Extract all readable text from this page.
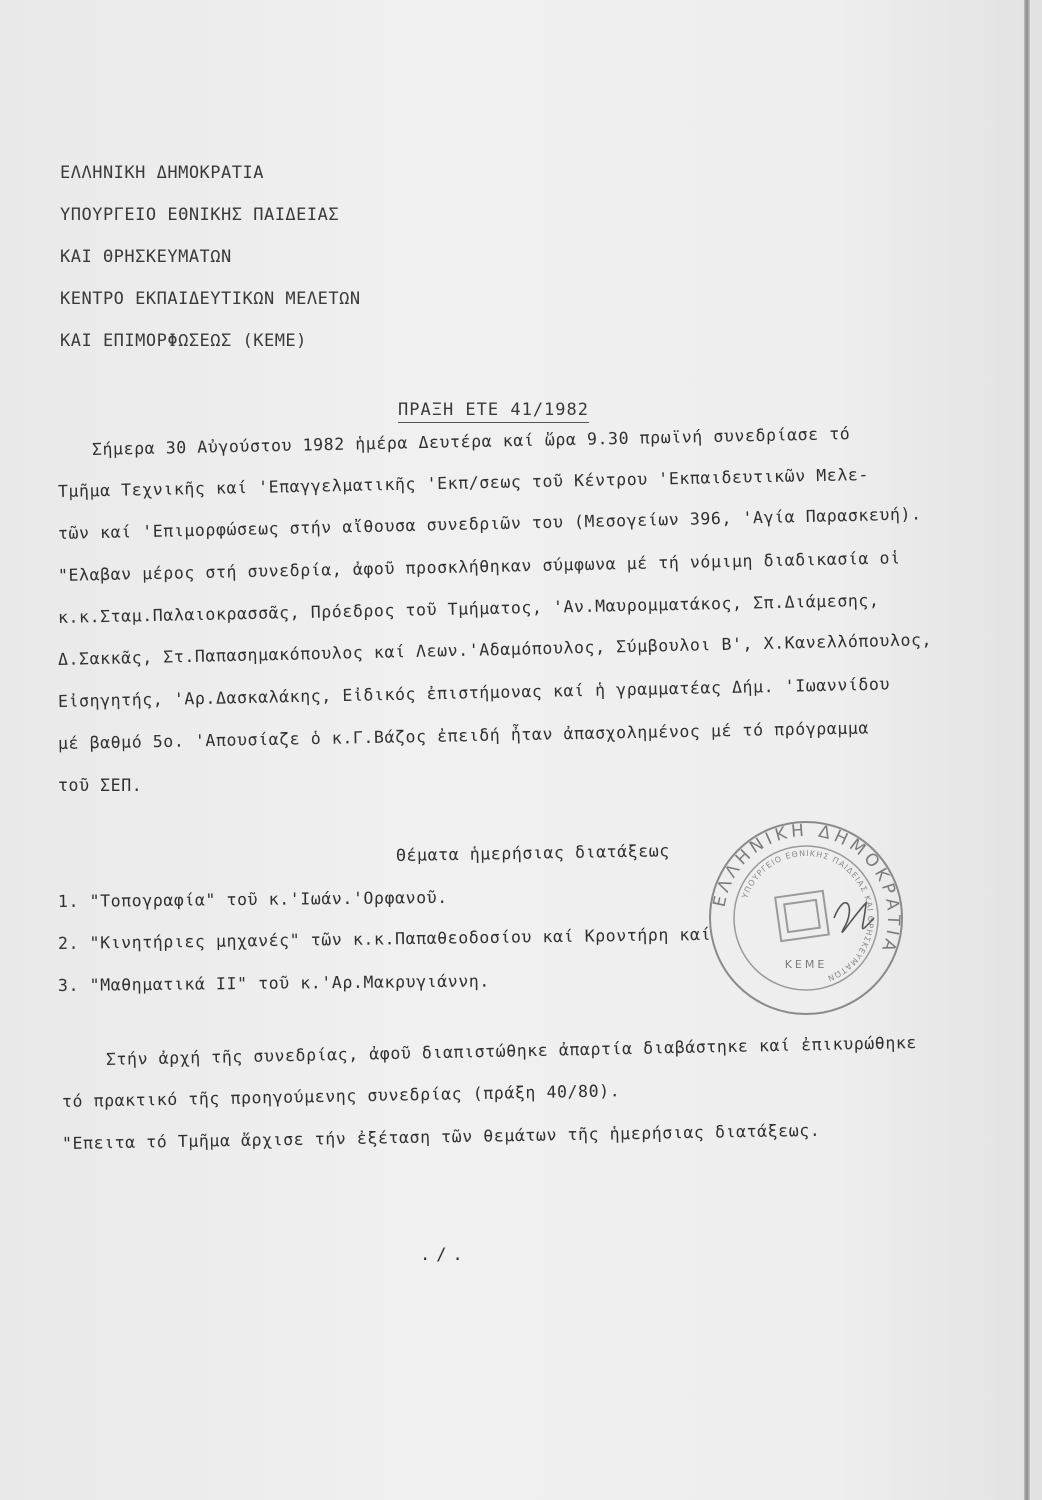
ΕΛΛΗΝΙΚΗ ΔΗΜΟΚΡΑΤΙΑ
ΥΠΟΥΡΓΕΙΟ ΕΘΝΙΚΗΣ ΠΑΙΔΕΙΑΣ
ΚΑΙ ΘΡΗΣΚΕΥΜΑΤΩΝ
ΚΕΝΤΡΟ ΕΚΠΑΙΔΕΥΤΙΚΩΝ ΜΕΛΕΤΩΝ
ΚΑΙ ΕΠΙΜΟΡΦΩΣΕΩΣ (ΚΕΜΕ)
ΠΡΑΞΗ ΕΤΕ 41/1982
Σήμερα 30 Αὐγούστου 1982 ἡμέρα Δευτέρα καί ὥρα 9.30 πρωϊνή συνεδρίασε τό
Τμῆμα Τεχνικῆς καί 'Επαγγελματικῆς 'Εκπ/σεως τοῦ Κέντρου 'Εκπαιδευτικῶν Μελε-
τῶν καί 'Επιμορφώσεως στήν αἴθουσα συνεδριῶν του (Μεσογείων 396, 'Αγία Παρασκευή).
"Ελαβαν μέρος στή συνεδρία, ἀφοῦ προσκλήθηκαν σύμφωνα μέ τή νόμιμη διαδικασία οἱ
κ.κ.Σταμ.Παλαιοκρασσᾶς, Πρόεδρος τοῦ Τμήματος, 'Αν.Μαυρομματάκος, Σπ.Διάμεσης,
Δ.Σακκᾶς, Στ.Παπασημακόπουλος καί Λεων.'Αδαμόπουλος, Σύμβουλοι Β', Χ.Κανελλόπουλος,
Εἰσηγητής, 'Αρ.Δασκαλάκης, Εἰδικός ἐπιστήμονας καί ἡ γραμματέας Δήμ. 'Ιωαννίδου
μέ βαθμό 5ο. 'Απουσίαζε ὁ κ.Γ.Βάζος ἐπειδή ἦταν ἀπασχολημένος μέ τό πρόγραμμα
τοῦ ΣΕΠ.
Θέματα ἡμερήσιας διατάξεως
1. "Τοπογραφία" τοῦ κ.'Ιωάν.'Ορφανοῦ.
2. "Κινητήριες μηχανές" τῶν κ.κ.Παπαθεοδοσίου καί Κροντήρη καί
3. "Μαθηματικά ΙΙ" τοῦ κ.'Αρ.Μακρυγιάννη.
Στήν ἀρχή τῆς συνεδρίας, ἀφοῦ διαπιστώθηκε ἀπαρτία διαβάστηκε καί ἐπικυρώθηκε
τό πρακτικό τῆς προηγούμενης συνεδρίας (πράξη 40/80).
"Επειτα τό Τμῆμα ἄρχισε τήν ἐξέταση τῶν θεμάτων τῆς ἡμερήσιας διατάξεως.
./.
ΕΛΛΗΝΙΚΗ ΔΗΜΟΚΡΑΤΙΑ
ΥΠΟΥΡΓΕΙΟ ΕΘΝΙΚΗΣ ΠΑΙΔΕΙΑΣ ΚΑΙ ΘΡΗΣΚΕΥΜΑΤΩΝ
ΚΕΜΕ
